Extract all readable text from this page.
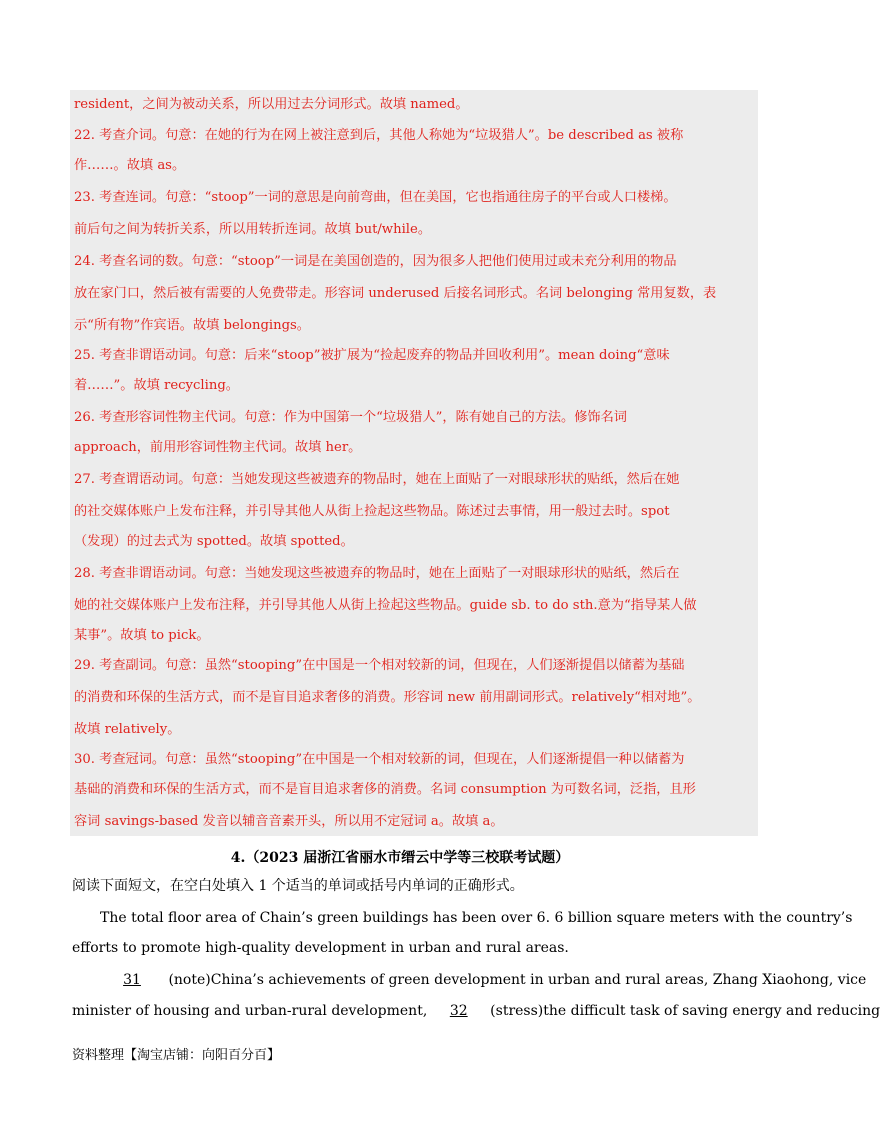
resident，之间为被动关系，所以用过去分词形式。故填 named。
22. 考查介词。句意：在她的行为在网上被注意到后，其他人称她为“垃圾猎人”。be described as 被称
作……。故填 as。
23. 考查连词。句意：“stoop”一词的意思是向前弯曲，但在美国，它也指通往房子的平台或人口楼梯。
前后句之间为转折关系，所以用转折连词。故填 but/while。
24. 考查名词的数。句意：“stoop”一词是在美国创造的，因为很多人把他们使用过或未充分利用的物品
放在家门口，然后被有需要的人免费带走。形容词 underused 后接名词形式。名词 belonging 常用复数，表
示“所有物”作宾语。故填 belongings。
25. 考查非谓语动词。句意：后来“stoop”被扩展为“捡起废弃的物品并回收利用”。mean doing“意味
着……”。故填 recycling。
26. 考查形容词性物主代词。句意：作为中国第一个“垃圾猎人”，陈有她自己的方法。修饰名词
approach，前用形容词性物主代词。故填 her。
27. 考查谓语动词。句意：当她发现这些被遗弃的物品时，她在上面贴了一对眼球形状的贴纸，然后在她
的社交媒体账户上发布注释，并引导其他人从街上捡起这些物品。陈述过去事情，用一般过去时。spot
（发现）的过去式为 spotted。故填 spotted。
28. 考查非谓语动词。句意：当她发现这些被遗弃的物品时，她在上面贴了一对眼球形状的贴纸，然后在
她的社交媒体账户上发布注释，并引导其他人从街上捡起这些物品。guide sb. to do sth.意为“指导某人做
某事”。故填 to pick。
29. 考查副词。句意：虽然“stooping”在中国是一个相对较新的词，但现在，人们逐渐提倡以储蓄为基础
的消费和环保的生活方式，而不是盲目追求奢侈的消费。形容词 new 前用副词形式。relatively“相对地”。
故填 relatively。
30. 考查冠词。句意：虽然“stooping”在中国是一个相对较新的词，但现在，人们逐渐提倡一种以储蓄为
基础的消费和环保的生活方式，而不是盲目追求奢侈的消费。名词 consumption 为可数名词，泛指，且形
容词 savings-based 发音以辅音音素开头，所以用不定冠词 a。故填 a。
4.（2023 届浙江省丽水市缙云中学等三校联考试题）
阅读下面短文，在空白处填入 1 个适当的单词或括号内单词的正确形式。
The total floor area of Chain’s green buildings has been over 6. 6 billion square meters with the country’s
efforts to promote high-quality development in urban and rural areas.
31 (note)China’s achievements of green development in urban and rural areas, Zhang Xiaohong, vice
minister of housing and urban-rural development, 32 (stress)the difficult task of saving energy and reducing
资料整理【淘宝店铺：向阳百分百】
